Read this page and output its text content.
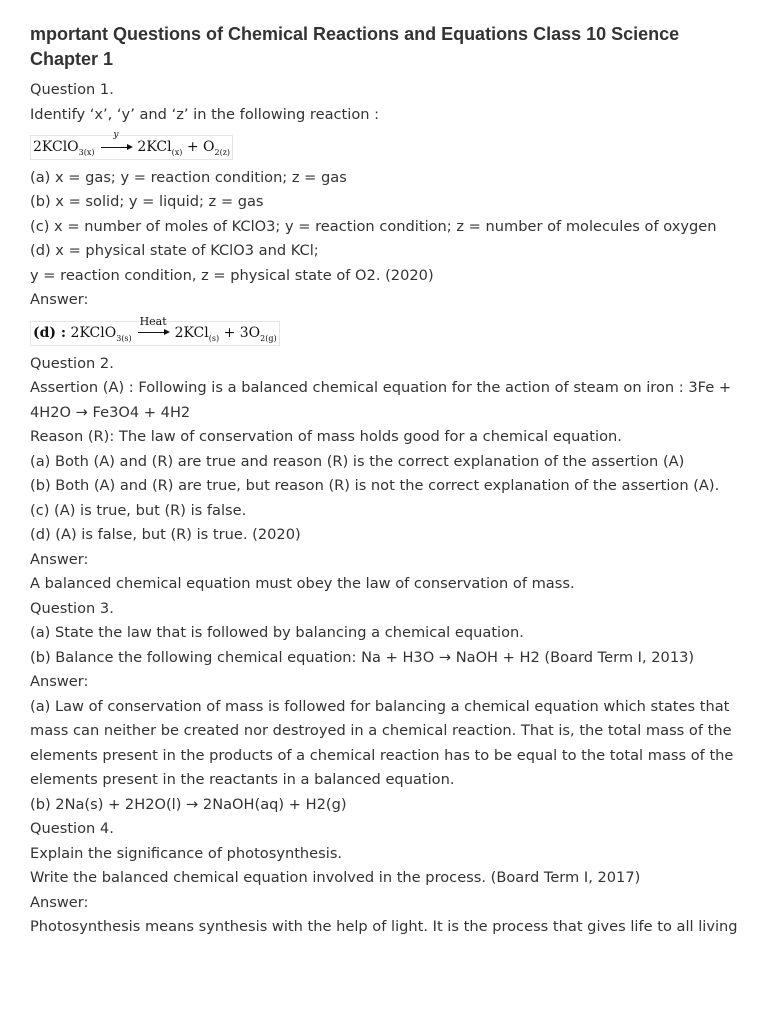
mportant Questions of Chemical Reactions and Equations Class 10 Science Chapter 1

Question 1.

Identify ‘x’, ‘y’ and ‘z’ in the following reaction :

2KClO$_{3(x)}$
y
$2KCl_{(x)} + O_{2(z)}$

(a) x = gas; y = reaction condition; z = gas

(b) x = solid; y = liquid; z = gas

(c) x = number of moles of KClO3; y = reaction condition; z = number of molecules of oxygen

(d) x = physical state of KClO3 and KCl;

y = reaction condition, z = physical state of O2. (2020)

Answer:

(d) : 2KClO$_{3(s)}$
Heat
$2KCl_{(s)} + 3O_{2(g)}$

Question 2.

Assertion (A) : Following is a balanced chemical equation for the action of steam on iron : 3Fe +

4H2O → Fe3O4 + 4H2

Reason (R): The law of conservation of mass holds good for a chemical equation.

(a) Both (A) and (R) are true and reason (R) is the correct explanation of the assertion (A)

(b) Both (A) and (R) are true, but reason (R) is not the correct explanation of the assertion (A).

(c) (A) is true, but (R) is false.

(d) (A) is false, but (R) is true. (2020)

Answer:

A balanced chemical equation must obey the law of conservation of mass.

Question 3.

(a) State the law that is followed by balancing a chemical equation.

(b) Balance the following chemical equation: Na + H3O → NaOH + H2 (Board Term I, 2013)

Answer:

(a) Law of conservation of mass is followed for balancing a chemical equation which states that

mass can neither be created nor destroyed in a chemical reaction. That is, the total mass of the

elements present in the products of a chemical reaction has to be equal to the total mass of the

elements present in the reactants in a balanced equation.

(b) 2Na(s) + 2H2O(l) → 2NaOH(aq) + H2(g)

Question 4.

Explain the significance of photosynthesis.

Write the balanced chemical equation involved in the process. (Board Term I, 2017)

Answer:

Photosynthesis means synthesis with the help of light. It is the process that gives life to all living
